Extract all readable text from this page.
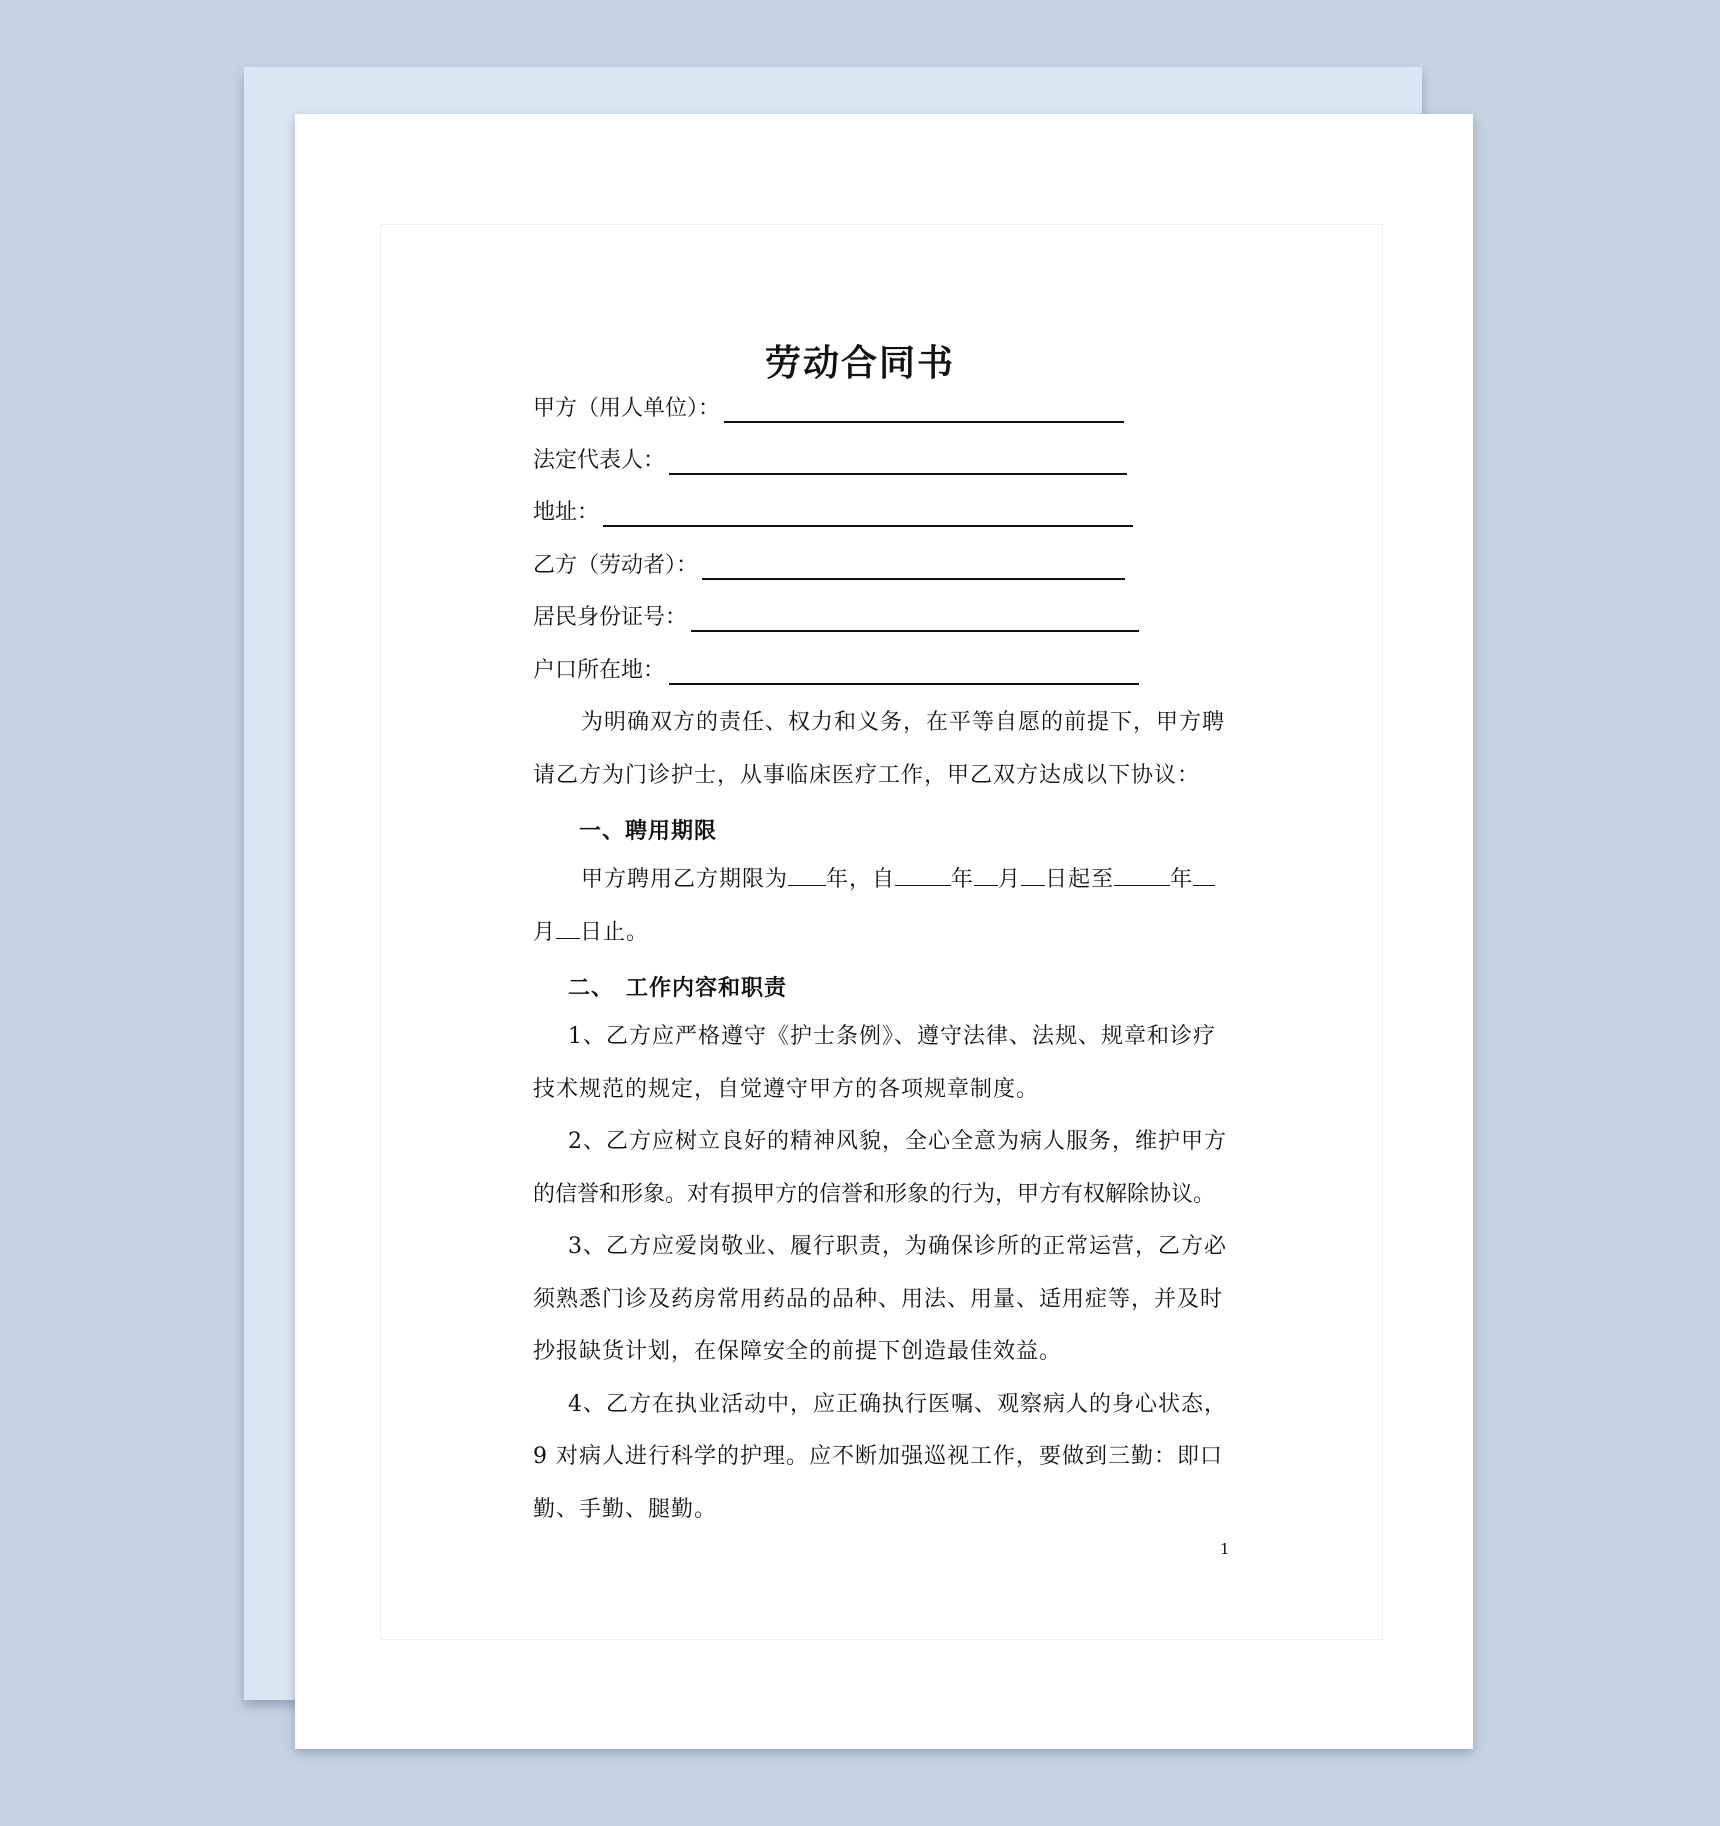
劳动合同书
甲方（用人单位）：
法定代表人：
地址：
乙方（劳动者）：
居民身份证号：
户口所在地：
为明确双方的责任、权力和义务，在平等自愿的前提下，甲方聘
请乙方为门诊护士，从事临床医疗工作，甲乙双方达成以下协议：
一、聘用期限
甲方聘用乙方期限为 年，自	年 月 日起至	年
月 日止。
二、　工作内容和职责
1、乙方应严格遵守《护士条例》、遵守法律、法规、规章和诊疗
技术规范的规定，自觉遵守甲方的各项规章制度。
2、乙方应树立良好的精神风貌，全心全意为病人服务，维护甲方
的信誉和形象。对有损甲方的信誉和形象的行为，甲方有权解除协议。
3、乙方应爱岗敬业、履行职责，为确保诊所的正常运营，乙方必
须熟悉门诊及药房常用药品的品种、用法、用量、适用症等，并及时
抄报缺货计划，在保障安全的前提下创造最佳效益。
4、乙方在执业活动中，应正确执行医嘱、观察病人的身心状态，
9 对病人进行科学的护理。应不断加强巡视工作，要做到三勤：即口
勤、手勤、腿勤。
1
